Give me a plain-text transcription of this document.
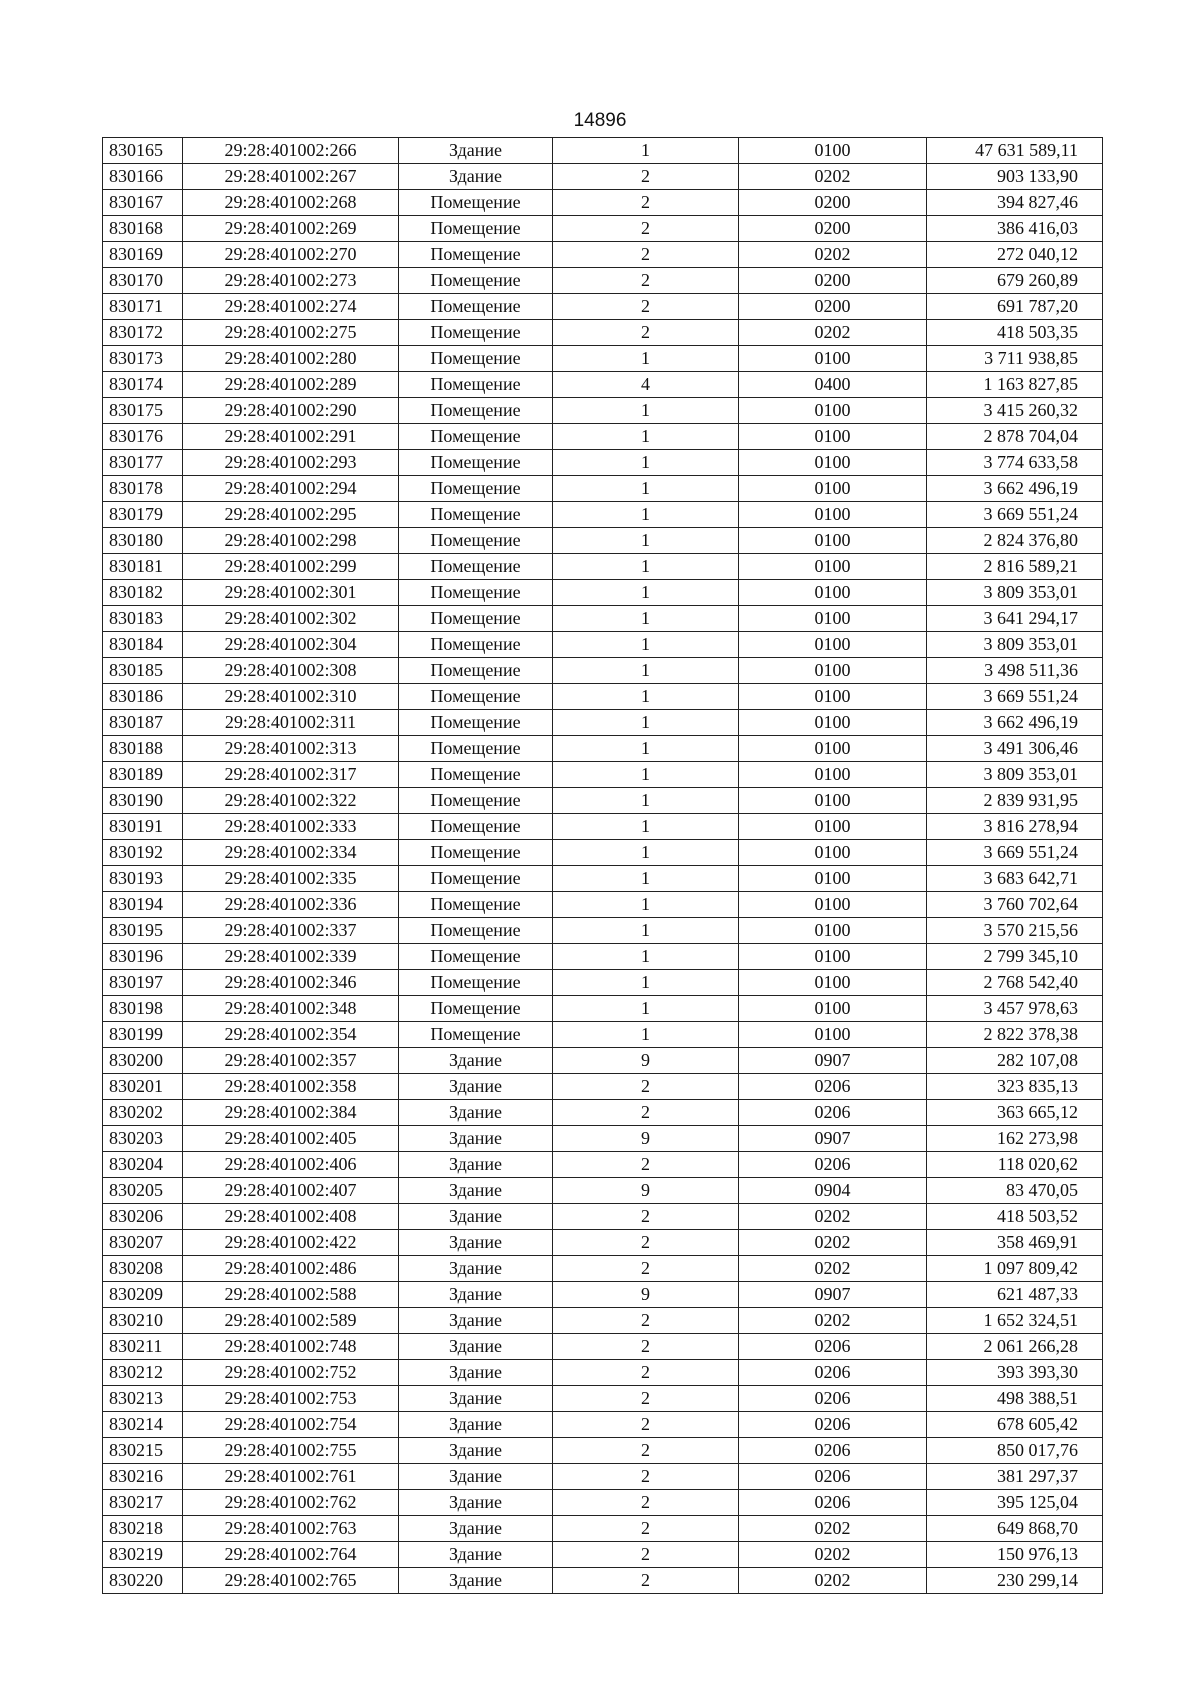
14896
830165	29:28:401002:266	Здание	1	0100	47 631 589,11
830166	29:28:401002:267	Здание	2	0202	903 133,90
830167	29:28:401002:268	Помещение	2	0200	394 827,46
830168	29:28:401002:269	Помещение	2	0200	386 416,03
830169	29:28:401002:270	Помещение	2	0202	272 040,12
830170	29:28:401002:273	Помещение	2	0200	679 260,89
830171	29:28:401002:274	Помещение	2	0200	691 787,20
830172	29:28:401002:275	Помещение	2	0202	418 503,35
830173	29:28:401002:280	Помещение	1	0100	3 711 938,85
830174	29:28:401002:289	Помещение	4	0400	1 163 827,85
830175	29:28:401002:290	Помещение	1	0100	3 415 260,32
830176	29:28:401002:291	Помещение	1	0100	2 878 704,04
830177	29:28:401002:293	Помещение	1	0100	3 774 633,58
830178	29:28:401002:294	Помещение	1	0100	3 662 496,19
830179	29:28:401002:295	Помещение	1	0100	3 669 551,24
830180	29:28:401002:298	Помещение	1	0100	2 824 376,80
830181	29:28:401002:299	Помещение	1	0100	2 816 589,21
830182	29:28:401002:301	Помещение	1	0100	3 809 353,01
830183	29:28:401002:302	Помещение	1	0100	3 641 294,17
830184	29:28:401002:304	Помещение	1	0100	3 809 353,01
830185	29:28:401002:308	Помещение	1	0100	3 498 511,36
830186	29:28:401002:310	Помещение	1	0100	3 669 551,24
830187	29:28:401002:311	Помещение	1	0100	3 662 496,19
830188	29:28:401002:313	Помещение	1	0100	3 491 306,46
830189	29:28:401002:317	Помещение	1	0100	3 809 353,01
830190	29:28:401002:322	Помещение	1	0100	2 839 931,95
830191	29:28:401002:333	Помещение	1	0100	3 816 278,94
830192	29:28:401002:334	Помещение	1	0100	3 669 551,24
830193	29:28:401002:335	Помещение	1	0100	3 683 642,71
830194	29:28:401002:336	Помещение	1	0100	3 760 702,64
830195	29:28:401002:337	Помещение	1	0100	3 570 215,56
830196	29:28:401002:339	Помещение	1	0100	2 799 345,10
830197	29:28:401002:346	Помещение	1	0100	2 768 542,40
830198	29:28:401002:348	Помещение	1	0100	3 457 978,63
830199	29:28:401002:354	Помещение	1	0100	2 822 378,38
830200	29:28:401002:357	Здание	9	0907	282 107,08
830201	29:28:401002:358	Здание	2	0206	323 835,13
830202	29:28:401002:384	Здание	2	0206	363 665,12
830203	29:28:401002:405	Здание	9	0907	162 273,98
830204	29:28:401002:406	Здание	2	0206	118 020,62
830205	29:28:401002:407	Здание	9	0904	83 470,05
830206	29:28:401002:408	Здание	2	0202	418 503,52
830207	29:28:401002:422	Здание	2	0202	358 469,91
830208	29:28:401002:486	Здание	2	0202	1 097 809,42
830209	29:28:401002:588	Здание	9	0907	621 487,33
830210	29:28:401002:589	Здание	2	0202	1 652 324,51
830211	29:28:401002:748	Здание	2	0206	2 061 266,28
830212	29:28:401002:752	Здание	2	0206	393 393,30
830213	29:28:401002:753	Здание	2	0206	498 388,51
830214	29:28:401002:754	Здание	2	0206	678 605,42
830215	29:28:401002:755	Здание	2	0206	850 017,76
830216	29:28:401002:761	Здание	2	0206	381 297,37
830217	29:28:401002:762	Здание	2	0206	395 125,04
830218	29:28:401002:763	Здание	2	0202	649 868,70
830219	29:28:401002:764	Здание	2	0202	150 976,13
830220	29:28:401002:765	Здание	2	0202	230 299,14
